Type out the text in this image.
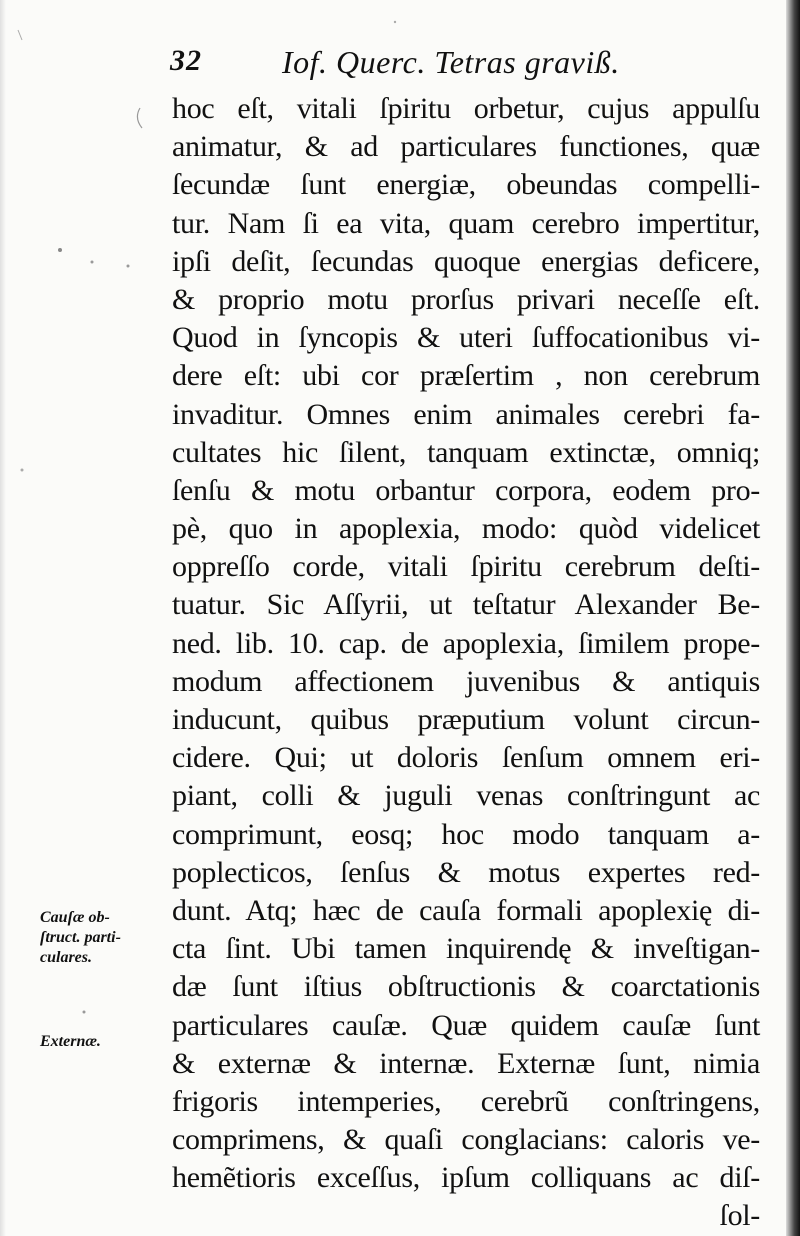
32	Iof. Querc. Tetras graviß.
hoc eſt, vitali ſpiritu orbetur, cujus appulſu
animatur, & ad particulares functiones, quæ
ſecundæ ſunt energiæ, obeundas compelli-
tur. Nam ſi ea vita, quam cerebro impertitur,
ipſi deſit, ſecundas quoque energias deficere,
& proprio motu prorſus privari neceſſe eſt.
Quod in ſyncopis & uteri ſuffocationibus vi-
dere eſt: ubi cor præſertim , non cerebrum
invaditur. Omnes enim animales cerebri fa-
cultates hic ſilent, tanquam extinctæ, omniq;
ſenſu & motu orbantur corpora, eodem pro-
pè, quo in apoplexia, modo: quòd videlicet
oppreſſo corde, vitali ſpiritu cerebrum deſti-
tuatur. Sic Aſſyrii, ut teſtatur Alexander Be-
ned. lib. 10. cap. de apoplexia, ſimilem prope-
modum affectionem juvenibus & antiquis
inducunt, quibus præputium volunt circun-
cidere. Qui; ut doloris ſenſum omnem eri-
piant, colli & juguli venas conſtringunt ac
comprimunt, eosq; hoc modo tanquam a-
poplecticos, ſenſus & motus expertes red-
dunt. Atq; hæc de cauſa formali apoplexię di-
cta ſint. Ubi tamen inquirendę & inveſtigan-
dæ ſunt iſtius obſtructionis & coarctationis
particulares cauſæ. Quæ quidem cauſæ ſunt
& externæ & internæ. Externæ ſunt, nimia
frigoris intemperies, cerebrũ conſtringens,
comprimens, & quaſi conglacians: caloris ve-
hemẽtioris exceſſus, ipſum colliquans ac diſ-
ſol-
Cauſæ ob-
ſtruct. parti-
culares.
Externæ.
